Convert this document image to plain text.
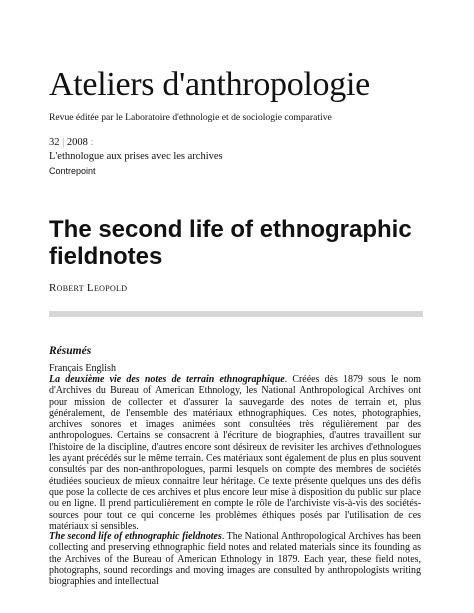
Ateliers d'anthropologie
Revue éditée par le Laboratoire d'ethnologie et de sociologie comparative
32 | 2008 :
L'ethnologue aux prises avec les archives
Contrepoint
The second life of ethnographic fieldnotes
Robert Leopold
Résumés
Français English

La deuxième vie des notes de terrain ethnographique. Créées dès 1879 sous le nom d'Archives du Bureau of American Ethnology, les National Anthropological Archives ont pour mission de collecter et d'assurer la sauvegarde des notes de terrain et, plus généralement, de l'ensemble des matériaux ethnographiques. Ces notes, photographies, archives sonores et images animées sont consultées très régulièrement par des anthropologues. Certains se consacrent à l'écriture de biographies, d'autres travaillent sur l'histoire de la discipline, d'autres encore sont désireux de revisiter les archives d'ethnologues les ayant précédés sur le même terrain. Ces matériaux sont également de plus en plus souvent consultés par des non-anthropologues, parmi lesquels on compte des membres de sociétés étudiées soucieux de mieux connaitre leur héritage. Ce texte présente quelques uns des défis que pose la collecte de ces archives et plus encore leur mise à disposition du public sur place ou en ligne. Il prend particulièrement en compte le rôle de l'archiviste vis-à-vis des sociétés-sources pour tout ce qui concerne les problèmes éthiques posés par l'utilisation de ces matériaux si sensibles.

The second life of ethnographic fieldnotes. The National Anthropological Archives has been collecting and preserving ethnographic field notes and related materials since its founding as the Archives of the Bureau of American Ethnology in 1879. Each year, these field notes, photographs, sound recordings and moving images are consulted by anthropologists writing biographies and intellectual
